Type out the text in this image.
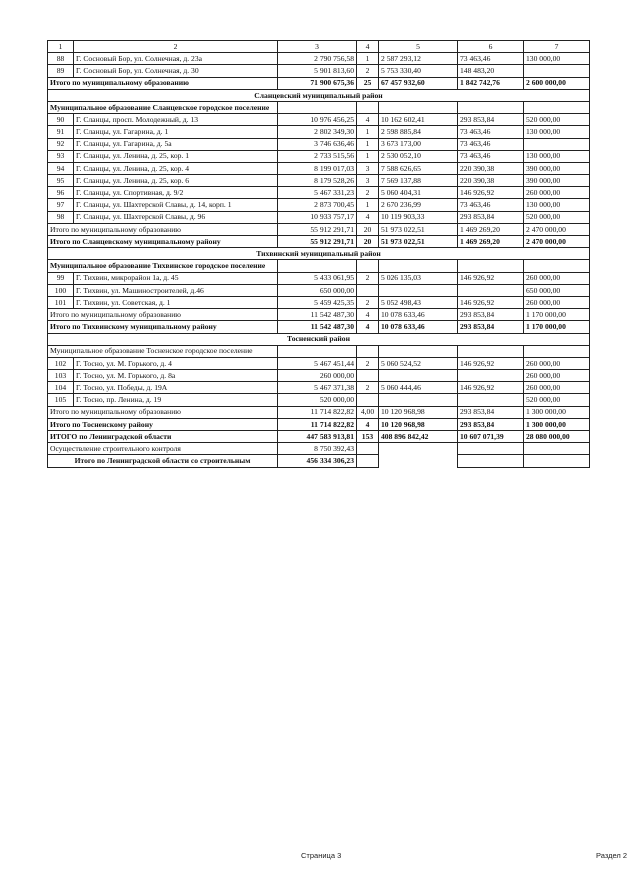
1	2	3	4	5	6	7
88	Г. Сосновый Бор, ул. Солнечная, д. 23а	2 790 756,58	1	2 587 293,12	73 463,46	130 000,00
89	Г. Сосновый Бор, ул. Солнечная, д. 30	5 901 813,60	2	5 753 330,40	148 483,20	
Итого по муниципальному образованию		71 900 675,36	25	67 457 932,60	1 842 742,76	2 600 000,00
Сланцевский муниципальный район						
Муниципальное образование Сланцевское городское поселение						
90	Г. Сланцы, просп. Молодежный, д. 13	10 976 456,25	4	10 162 602,41	293 853,84	520 000,00
91	Г. Сланцы, ул. Гагарина, д. 1	2 802 349,30	1	2 598 885,84	73 463,46	130 000,00
92	Г. Сланцы, ул. Гагарина, д. 5а	3 746 636,46	1	3 673 173,00	73 463,46	
93	Г. Сланцы, ул. Ленина, д. 25, кор. 1	2 733 515,56	1	2 530 052,10	73 463,46	130 000,00
94	Г. Сланцы, ул. Ленина, д. 25, кор. 4	8 199 017,03	3	7 588 626,65	220 390,38	390 000,00
95	Г. Сланцы, ул. Ленина, д. 25, кор. 6	8 179 528,26	3	7 569 137,88	220 390,38	390 000,00
96	Г. Сланцы, ул. Спортивная, д. 9/2	5 467 331,23	2	5 060 404,31	146 926,92	260 000,00
97	Г. Сланцы, ул. Шахтерской Славы, д. 14, корп. 1	2 873 700,45	1	2 670 236,99	73 463,46	130 000,00
98	Г. Сланцы, ул. Шахтерской Славы, д. 96	10 933 757,17	4	10 119 903,33	293 853,84	520 000,00
Итого по муниципальному образованию		55 912 291,71	20	51 973 022,51	1 469 269,20	2 470 000,00
Итого по Сланцевскому муниципальному району		55 912 291,71	20	51 973 022,51	1 469 269,20	2 470 000,00
Тихвинский муниципальный район						
Муниципальное образование Тихвинское городское поселение						
99	Г. Тихвин, микрорайон 1а, д. 45	5 433 061,95	2	5 026 135,03	146 926,92	260 000,00
100	Г. Тихвин, ул. Машиностроителей, д.46	650 000,00				650 000,00
101	Г. Тихвин, ул. Советская, д. 1	5 459 425,35	2	5 052 498,43	146 926,92	260 000,00
Итого по муниципальному образованию		11 542 487,30	4	10 078 633,46	293 853,84	1 170 000,00
Итого по Тихвинскому муниципальному району		11 542 487,30	4	10 078 633,46	293 853,84	1 170 000,00
Тосненский район						
Муниципальное образование Тосненское городское поселение						
102	Г. Тосно, ул. М. Горького, д. 4	5 467 451,44	2	5 060 524,52	146 926,92	260 000,00
103	Г. Тосно, ул. М. Горького, д. 8а	260 000,00				260 000,00
104	Г. Тосно, ул. Победы, д. 19А	5 467 371,38	2	5 060 444,46	146 926,92	260 000,00
105	Г. Тосно, пр. Ленина, д. 19	520 000,00				520 000,00
Итого по муниципальному образованию		11 714 822,82	4,00	10 120 968,98	293 853,84	1 300 000,00
Итого по Тосненскому району		11 714 822,82	4	10 120 968,98	293 853,84	1 300 000,00
ИТОГО по Ленинградской области		447 583 913,81	153	408 896 842,42	10 607 071,39	28 080 000,00
Осуществление строительного контроля		8 750 392,43				
Итого по Ленинградской области со строительным		456 334 306,23				
Страница 3	Раздел 2
